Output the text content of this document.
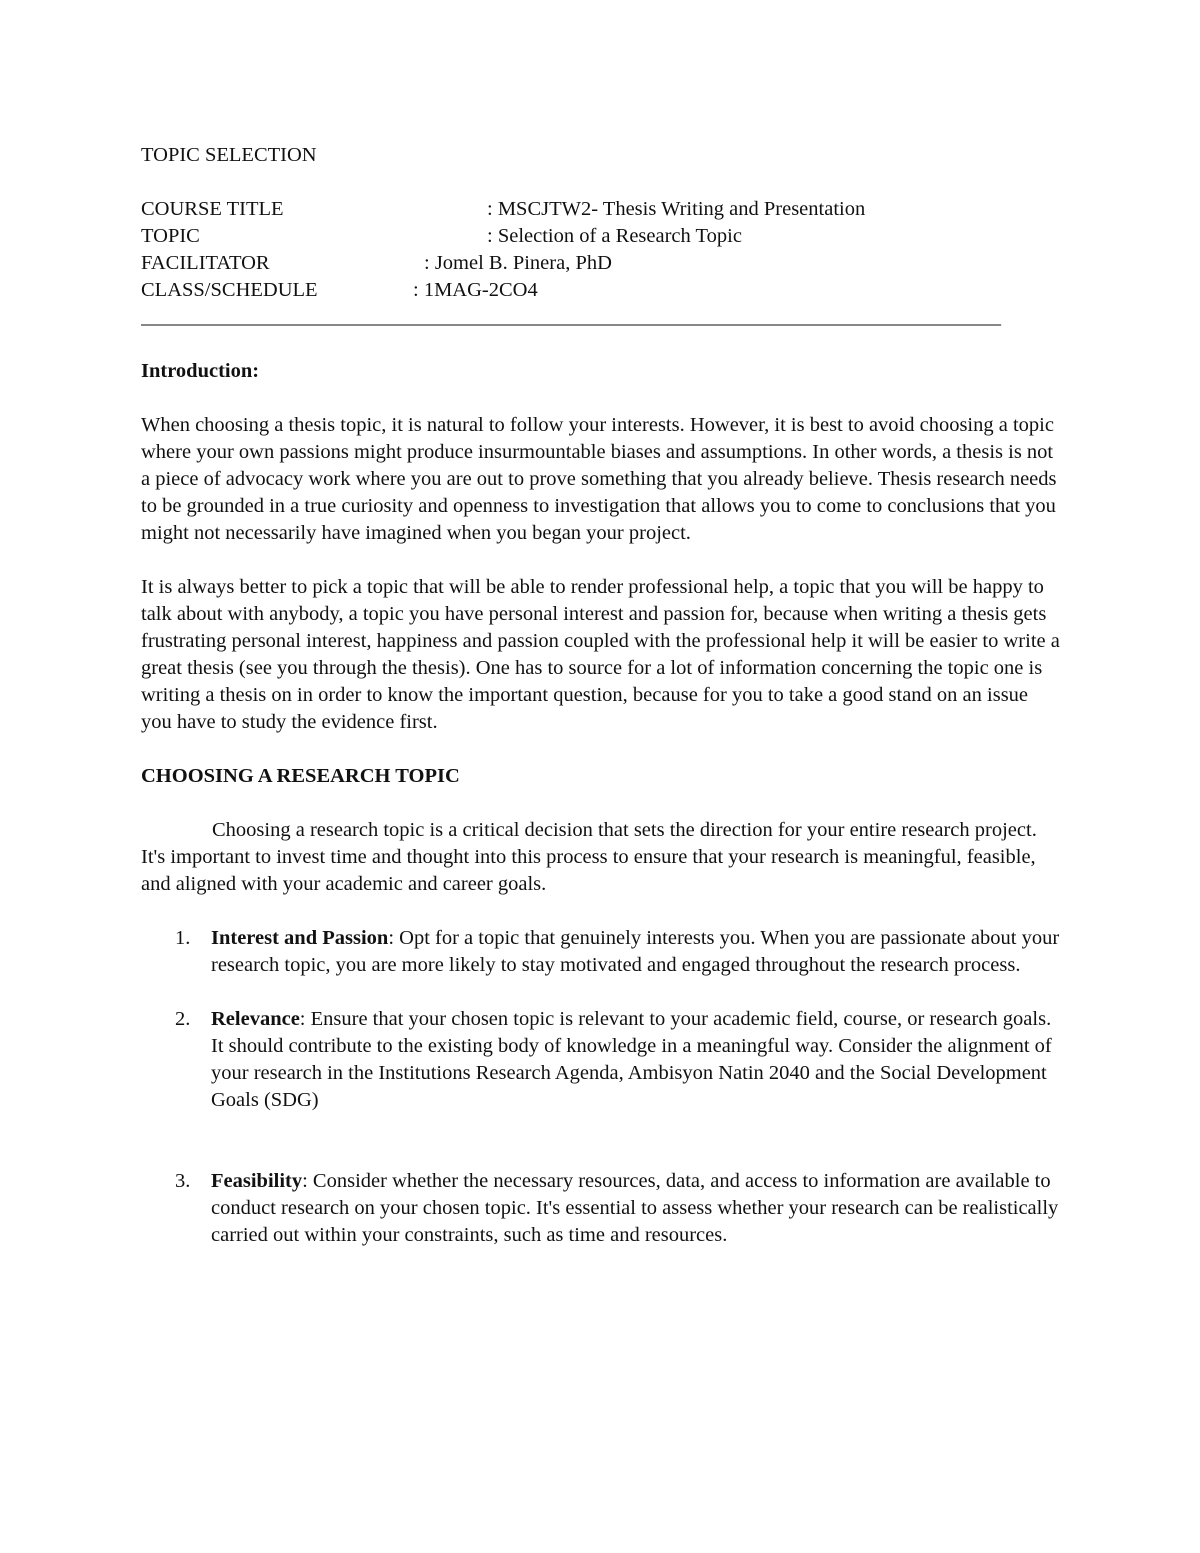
TOPIC SELECTION
COURSE TITLE	: MSCJTW2- Thesis Writing and Presentation
TOPIC	: Selection of a Research Topic
FACILITATOR	: Jomel B. Pinera, PhD
CLASS/SCHEDULE	: 1MAG-2CO4
________________________________________________________________________________________________________
Introduction:

When choosing a thesis topic, it is natural to follow your interests. However, it is best to avoid choosing a topic where your own passions might produce insurmountable biases and assumptions. In other words, a thesis is not a piece of advocacy work where you are out to prove something that you already believe. Thesis research needs to be grounded in a true curiosity and openness to investigation that allows you to come to conclusions that you might not necessarily have imagined when you began your project.

It is always better to pick a topic that will be able to render professional help, a topic that you will be happy to talk about with anybody, a topic you have personal interest and passion for, because when writing a thesis gets frustrating personal interest, happiness and passion coupled with the professional help it will be easier to write a great thesis (see you through the thesis). One has to source for a lot of information concerning the topic one is writing a thesis on in order to know the important question, because for you to take a good stand on an issue you have to study the evidence first.

CHOOSING A RESEARCH TOPIC

Choosing a research topic is a critical decision that sets the direction for your entire research project. It's important to invest time and thought into this process to ensure that your research is meaningful, feasible, and aligned with your academic and career goals.

1. Interest and Passion: Opt for a topic that genuinely interests you. When you are passionate about your research topic, you are more likely to stay motivated and engaged throughout the research process.
2. Relevance: Ensure that your chosen topic is relevant to your academic field, course, or research goals. It should contribute to the existing body of knowledge in a meaningful way. Consider the alignment of your research in the Institutions Research Agenda, Ambisyon Natin 2040 and the Social Development Goals (SDG)
3. Feasibility: Consider whether the necessary resources, data, and access to information are available to conduct research on your chosen topic. It's essential to assess whether your research can be realistically carried out within your constraints, such as time and resources.
